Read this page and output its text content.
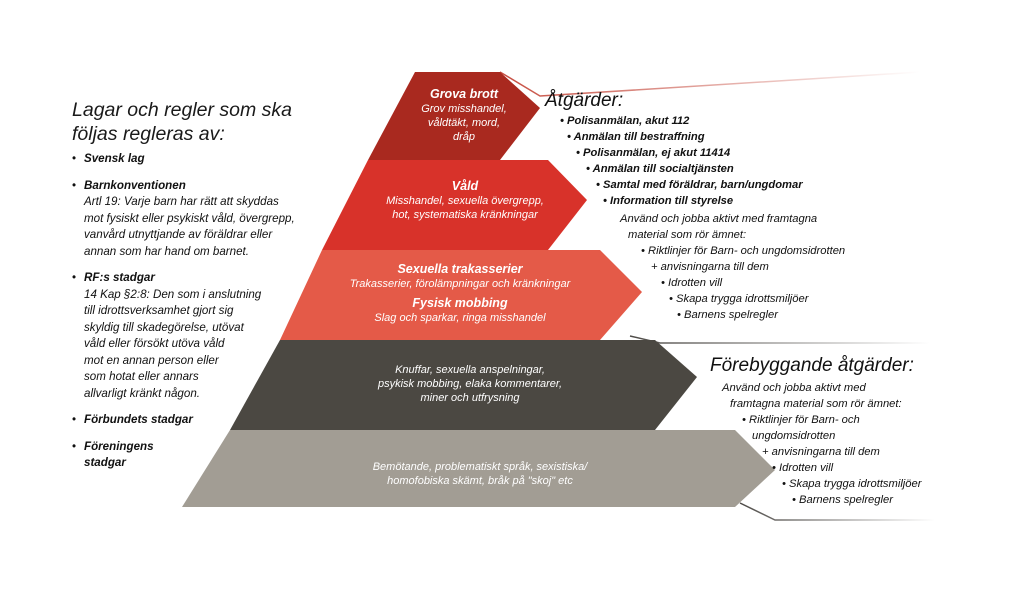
Lagar och regler som ska
följas regleras av:
• Svensk lag
• Barnkonventionen
Artl 19: Varje barn har rätt att skyddas
mot fysiskt eller psykiskt våld, övergrepp,
vanvård utnyttjande av föräldrar eller
annan som har hand om barnet.
• RF:s stadgar
14 Kap §2:8: Den som i anslutning
till idrottsverksamhet gjort sig
skyldig till skadegörelse, utövat
våld eller försökt utöva våld
mot en annan person eller
som hotat eller annars
allvarligt kränkt någon.
• Förbundets stadgar
• Föreningens
stadgar
Grova brott
Grov misshandel,
våldtäkt, mord,
dråp
Våld
Misshandel, sexuella övergrepp,
hot, systematiska kränkningar
Sexuella trakasserier
Trakasserier, förolämpningar och kränkningar
Fysisk mobbing
Slag och sparkar, ringa misshandel
Knuffar, sexuella anspelningar,
psykisk mobbing, elaka kommentarer,
miner och utfrysning
Bemötande, problematiskt språk, sexistiska/
homofobiska skämt, bråk på "skoj" etc
Åtgärder:
• Polisanmälan, akut 112
• Anmälan till bestraffning
• Polisanmälan, ej akut 11414
• Anmälan till socialtjänsten
• Samtal med föräldrar, barn/ungdomar
• Information till styrelse
Använd och jobba aktivt med framtagna
material som rör ämnet:
• Riktlinjer för Barn- och ungdomsidrotten
+ anvisningarna till dem
• Idrotten vill
• Skapa trygga idrottsmiljöer
• Barnens spelregler
Förebyggande åtgärder:
Använd och jobba aktivt med
framtagna material som rör ämnet:
• Riktlinjer för Barn- och
ungdomsidrotten
+ anvisningarna till dem
• Idrotten vill
• Skapa trygga idrottsmiljöer
• Barnens spelregler
